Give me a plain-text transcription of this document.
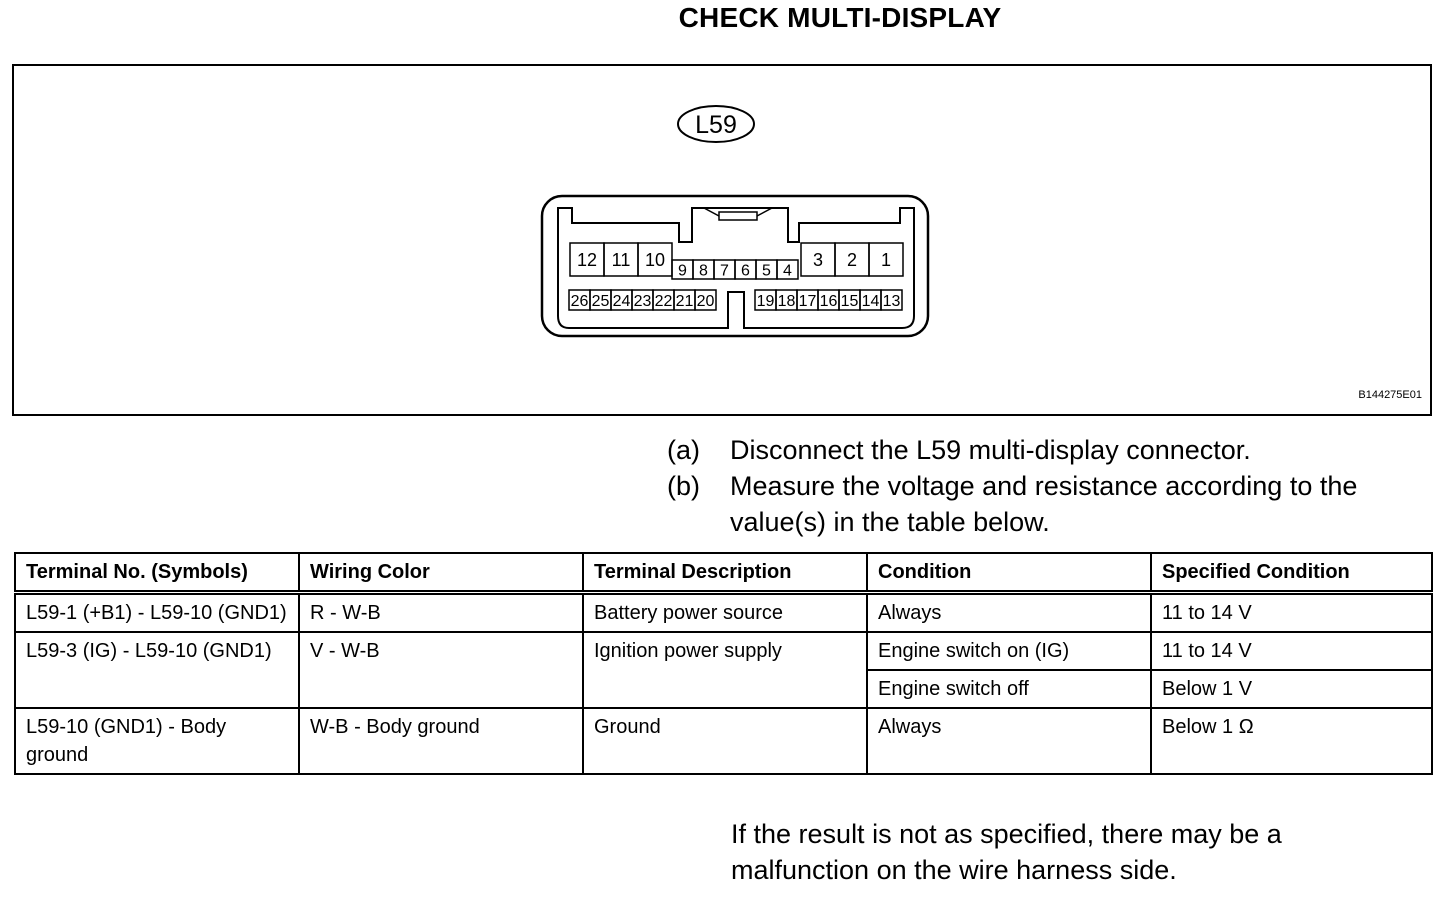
CHECK MULTI-DISPLAY
L59
12 11 10
9 8 7 6 5 4
3 2 1
26 25 24 23 22 21 20	19 18 17 16 15 14 13
B144275E01
(a)	Disconnect the L59 multi-display connector.
(b)	Measure the voltage and resistance according to the value(s) in the table below.
Terminal No. (Symbols)	Wiring Color	Terminal Description	Condition	Specified Condition
L59-1 (+B1) - L59-10 (GND1)	R - W-B	Battery power source	Always	11 to 14 V
L59-3 (IG) - L59-10 (GND1)	V - W-B	Ignition power supply	Engine switch on (IG)	11 to 14 V
			Engine switch off	Below 1 V
L59-10 (GND1) - Body ground	W-B - Body ground	Ground	Always	Below 1 Ω
If the result is not as specified, there may be a malfunction on the wire harness side.
